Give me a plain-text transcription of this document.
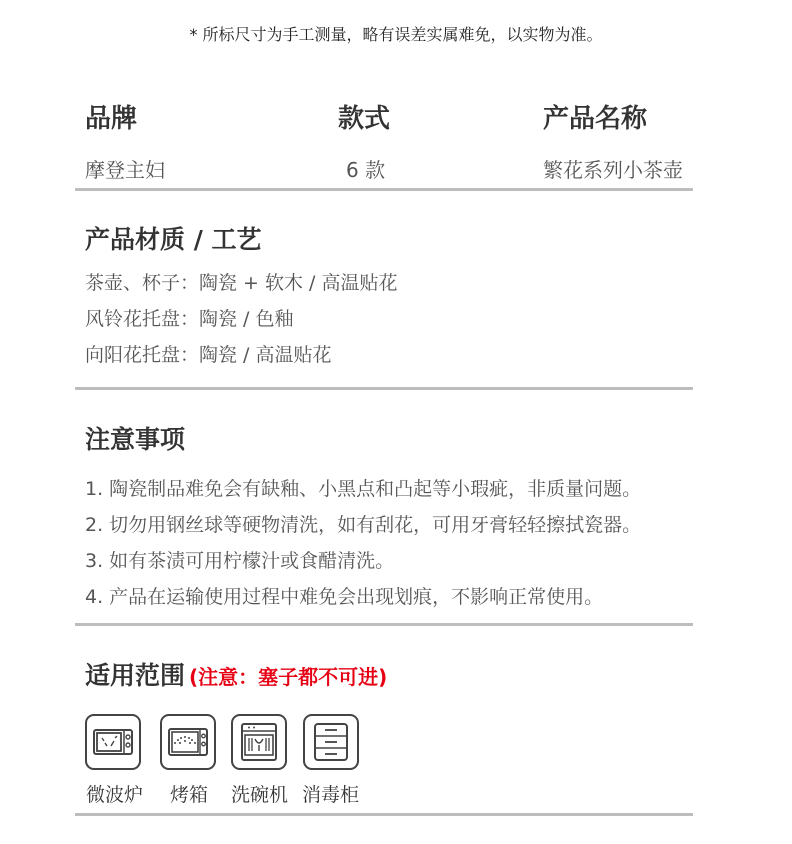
* 所标尺寸为手工测量，略有误差实属难免，以实物为准。
品牌	款式	产品名称
摩登主妇	6 款	繁花系列小茶壶
产品材质 / 工艺
茶壶、杯子：陶瓷 + 软木 / 高温贴花
风铃花托盘：陶瓷 / 色釉
向阳花托盘：陶瓷 / 高温贴花
注意事项
1. 陶瓷制品难免会有缺釉、小黑点和凸起等小瑕疵，非质量问题。
2. 切勿用钢丝球等硬物清洗，如有刮花，可用牙膏轻轻擦拭瓷器。
3. 如有茶渍可用柠檬汁或食醋清洗。
4. 产品在运输使用过程中难免会出现划痕，不影响正常使用。
适用范围 (注意：塞子都不可进)
微波炉 烤箱 洗碗机 消毒柜
